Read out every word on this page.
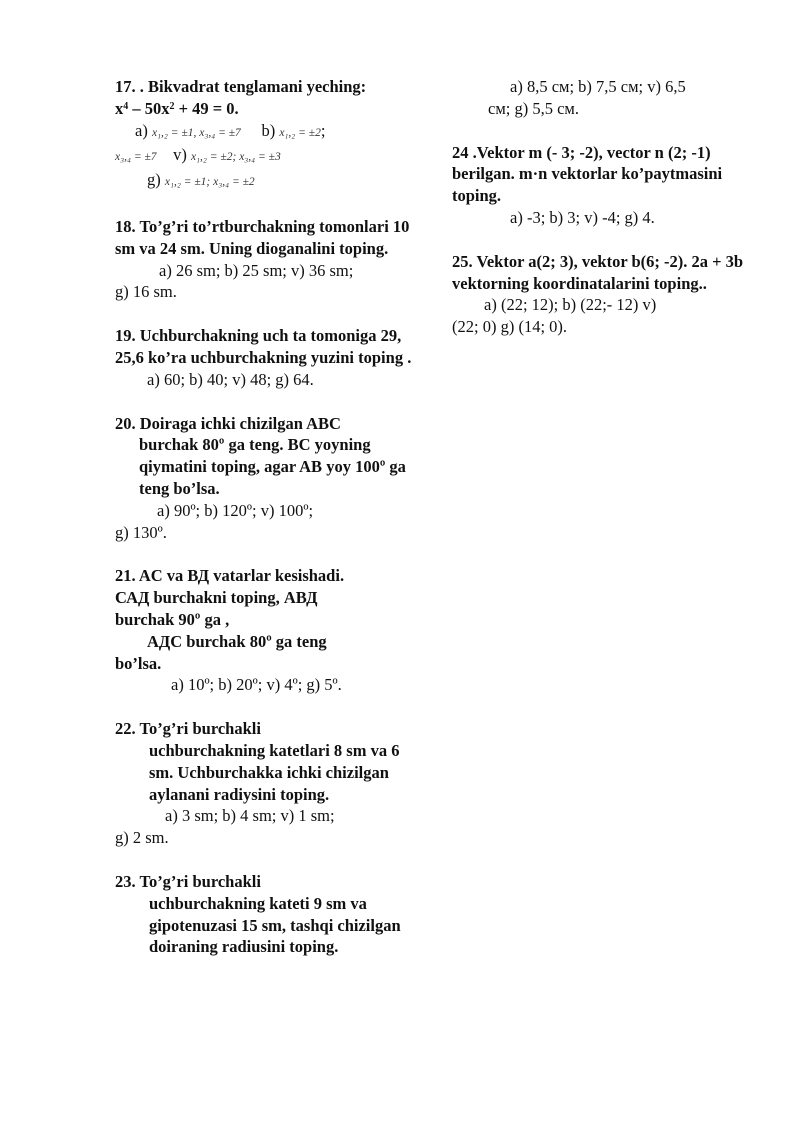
17. . Bikvadrat tenglamani yeching:
$x^4 - 50x^2 + 49 = 0$.
a) x₁,₂ = ±1, x₃,₄ = ±7 b) x₁,₂ = ±2;
x₃,₄ = ±7 v) x₁,₂ = ±2; x₃,₄ = ±3
g) x₁,₂ = ±1; x₃,₄ = ±2
18. To’g’ri to’rtburchakning tomonlari 10 sm va 24 sm. Uning dioganalini toping.
a) 26 sm; b) 25 sm; v) 36 sm;
g) 16 sm.
19. Uchburchakning uch ta tomoniga 29, 25,6 ko’ra uchburchakning yuzini toping .
a) 60; b) 40; v) 48; g) 64.
20. Doiraga ichki chizilgan ABC
burchak 80º ga teng. BC yoyning qiymatini toping, agar AB yoy 100º ga teng bo’lsa.
a) 90º; b) 120º; v) 100º;
g) 130º.
21. AC va ВД vatarlar kesishadi.
САД burchakni toping, АВД
burchak 90º ga ,
АДС burchak 80º ga teng
bo’lsa.
a) 10º; b) 20º; v) 4º; g) 5º.
22. To’g’ri burchakli
uchburchakning katetlari 8 sm va 6 sm. Uchburchakka ichki chizilgan aylanani radiysini toping.
a) 3 sm; b) 4 sm; v) 1 sm;
g) 2 sm.
23. To’g’ri burchakli
uchburchakning kateti 9 sm va gipotenuzasi 15 sm, tashqi chizilgan doiraning radiusini toping.
a) 8,5 см; b) 7,5 см; v) 6,5
см; g) 5,5 см.
24 .Vektor m (- 3; -2), vector n (2; -1) berilgan. m·n vektorlar ko’paytmasini toping.
a) -3; b) 3; v) -4; g) 4.
25. Vektor a(2; 3), vektor b(6; -2). 2a + 3b vektorning koordinatalarini toping..
a) (22; 12); b) (22;- 12) v)
(22; 0) g) (14; 0).
